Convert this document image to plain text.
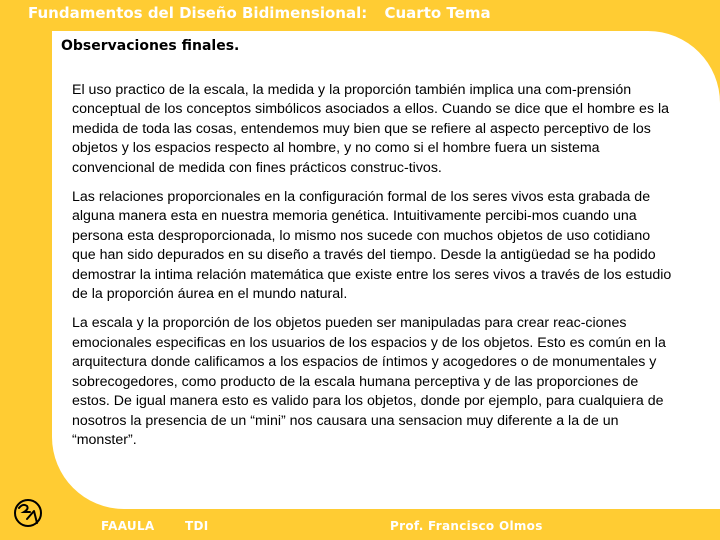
Fundamentos del Diseño Bidimensional: Cuarto Tema
Observaciones finales.

El uso practico de la escala, la medida y la proporción también implica una com-prensión conceptual de los conceptos simbólicos asociados a ellos. Cuando se dice que el hombre es la medida de toda las cosas, entendemos muy bien que se refiere al aspecto perceptivo de los objetos y los espacios respecto al hombre, y no como si el hombre fuera un sistema convencional de medida con fines prácticos construc-tivos.

Las relaciones proporcionales en la configuración formal de los seres vivos esta grabada de alguna manera esta en nuestra memoria genética. Intuitivamente percibi-mos cuando una persona esta desproporcionada, lo mismo nos sucede con muchos objetos de uso cotidiano que han sido depurados en su diseño a través del tiempo. Desde la antigüedad se ha podido demostrar la intima relación matemática que existe entre los seres vivos a través de los estudio de la proporción áurea en el mundo natural.

La escala y la proporción de los objetos pueden ser manipuladas para crear reac-ciones emocionales especificas en los usuarios de los espacios y de los objetos. Esto es común en la arquitectura donde calificamos a los espacios de íntimos y acogedores o de monumentales y sobrecogedores, como producto de la escala humana perceptiva y de las proporciones de estos. De igual manera esto es valido para los objetos, donde por ejemplo, para cualquiera de nosotros la presencia de un “mini” nos causara una sensacion muy diferente a la de un “monster”.

FAAULA	TDI	Prof. Francisco Olmos
